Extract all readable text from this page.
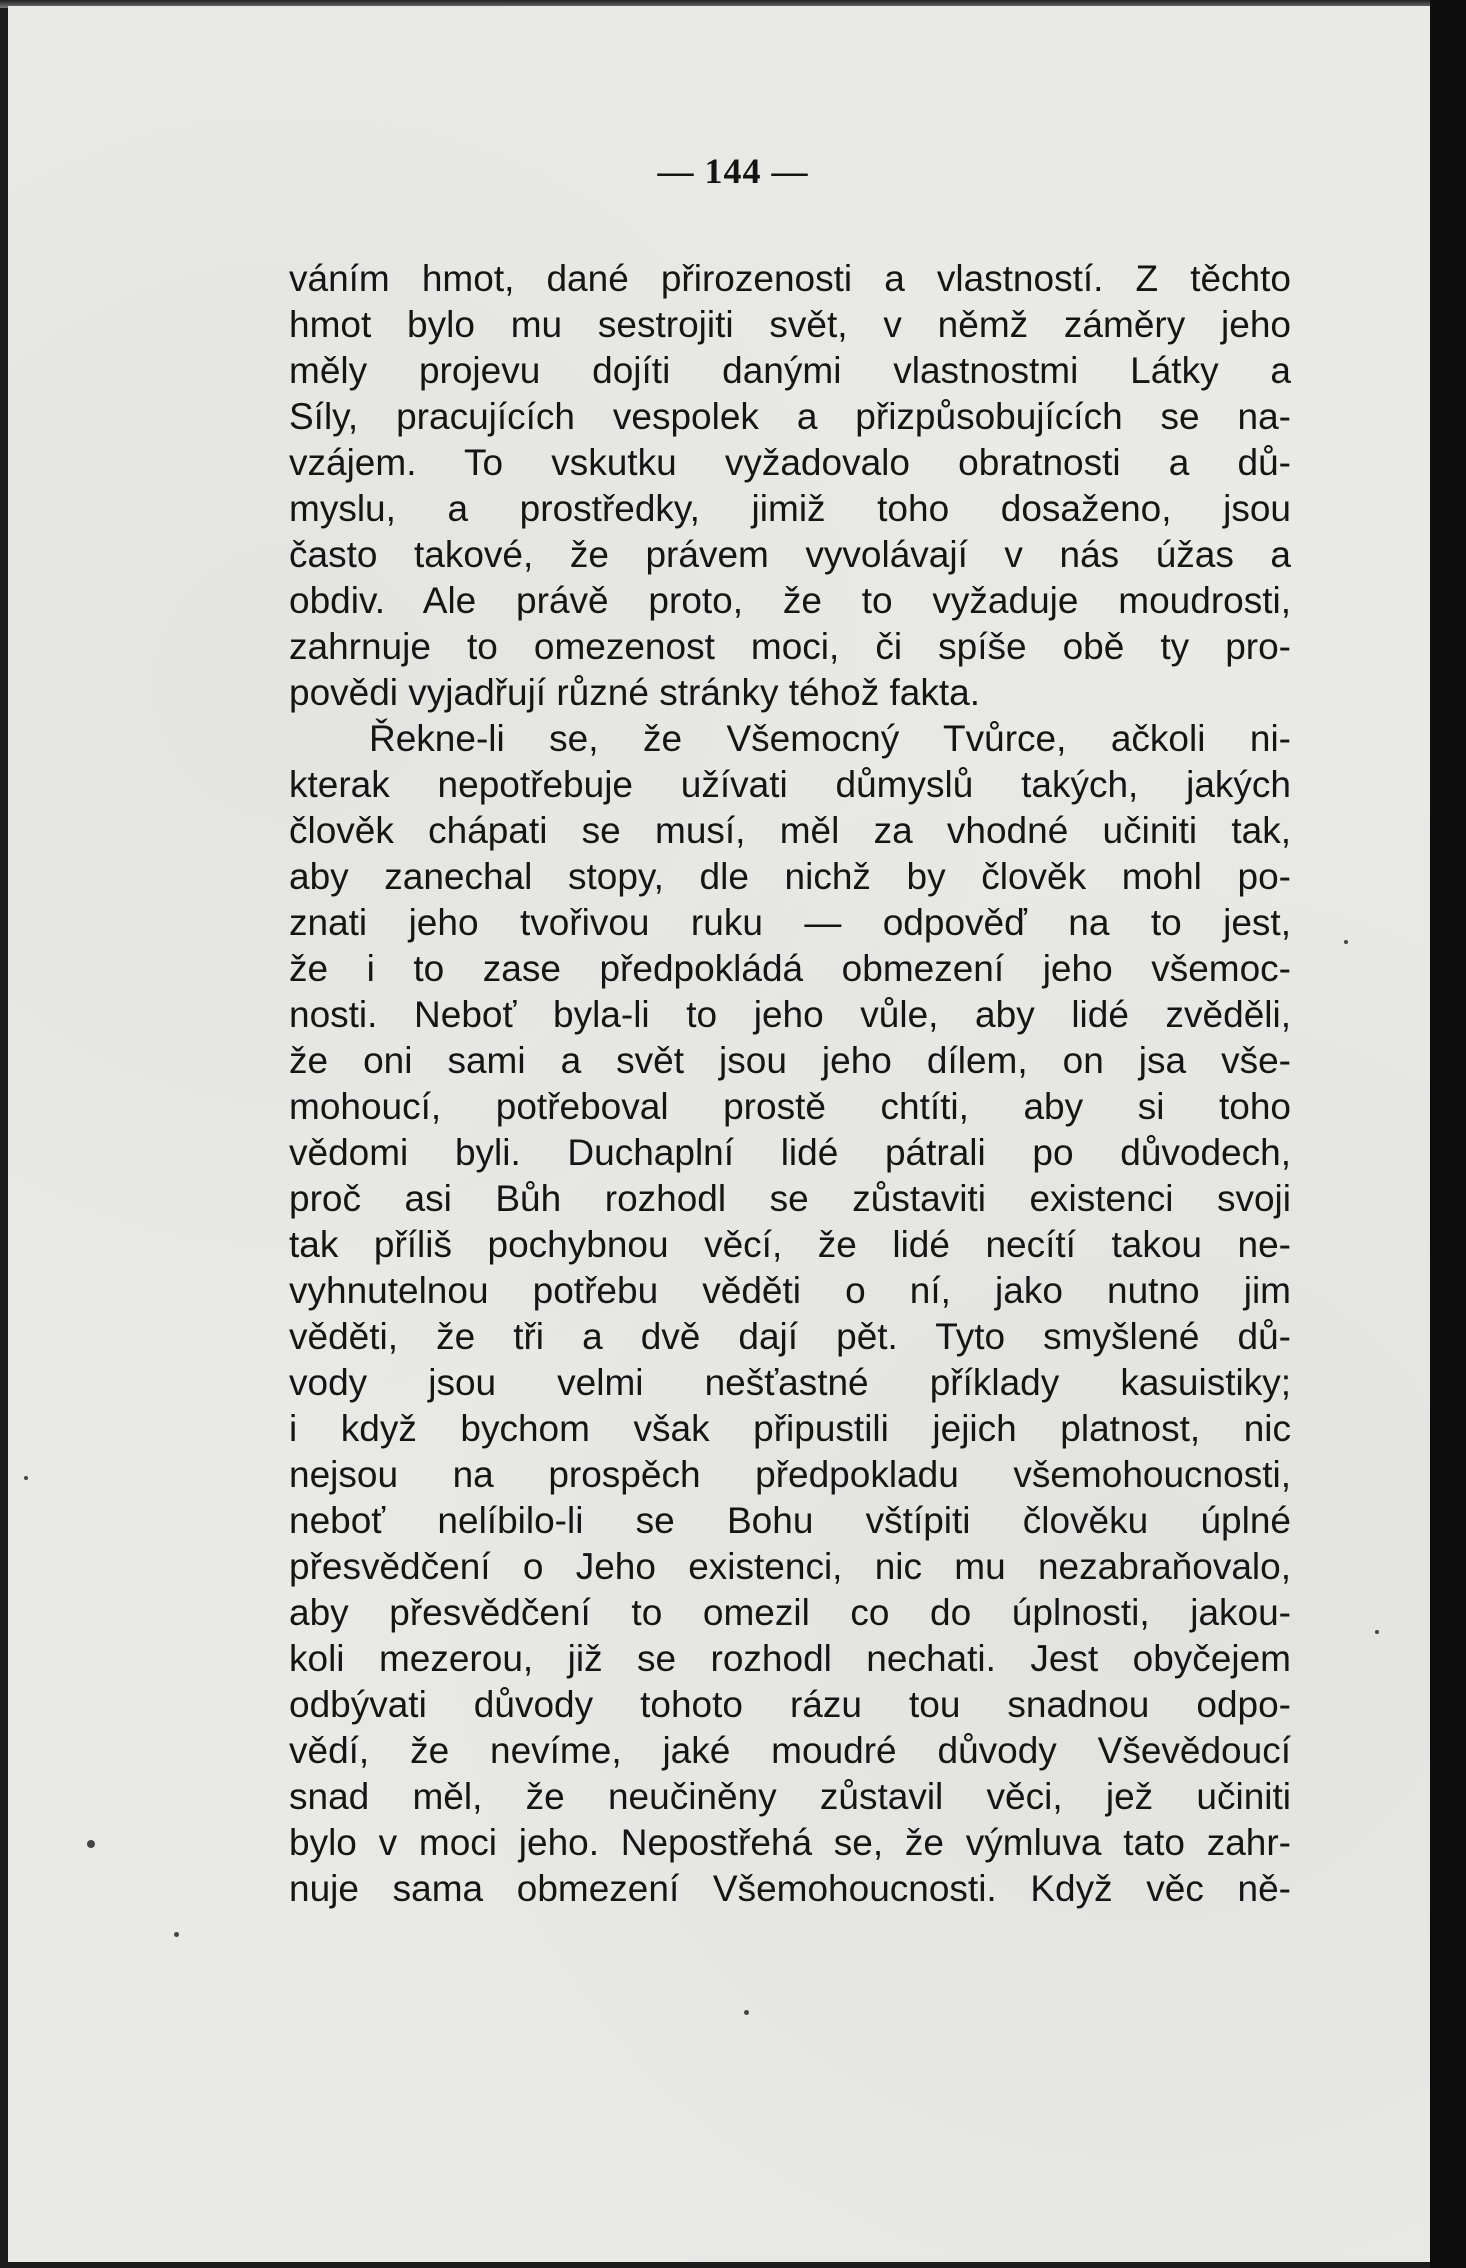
— 144 —
váním hmot, dané přirozenosti a vlastností. Z těchto
hmot bylo mu sestrojiti svět, v němž záměry jeho
měly projevu dojíti danými vlastnostmi Látky a
Síly, pracujících vespolek a přizpůsobujících se na-
vzájem. To vskutku vyžadovalo obratnosti a dů-
myslu, a prostředky, jimiž toho dosaženo, jsou
často takové, že právem vyvolávají v nás úžas a
obdiv. Ale právě proto, že to vyžaduje moudrosti,
zahrnuje to omezenost moci, či spíše obě ty pro-
povědi vyjadřují různé stránky téhož fakta.
Řekne-li se, že Všemocný Tvůrce, ačkoli ni-
kterak nepotřebuje užívati důmyslů takých, jakých
člověk chápati se musí, měl za vhodné učiniti tak,
aby zanechal stopy, dle nichž by člověk mohl po-
znati jeho tvořivou ruku — odpověď na to jest,
že i to zase předpokládá obmezení jeho všemoc-
nosti. Neboť byla-li to jeho vůle, aby lidé zvěděli,
že oni sami a svět jsou jeho dílem, on jsa vše-
mohoucí, potřeboval prostě chtíti, aby si toho
vědomi byli. Duchaplní lidé pátrali po důvodech,
proč asi Bůh rozhodl se zůstaviti existenci svoji
tak příliš pochybnou věcí, že lidé necítí takou ne-
vyhnutelnou potřebu věděti o ní, jako nutno jim
věděti, že tři a dvě dají pět. Tyto smyšlené dů-
vody jsou velmi nešťastné příklady kasuistiky;
i když bychom však připustili jejich platnost, nic
nejsou na prospěch předpokladu všemohoucnosti,
neboť nelíbilo-li se Bohu vštípiti člověku úplné
přesvědčení o Jeho existenci, nic mu nezabraňovalo,
aby přesvědčení to omezil co do úplnosti, jakou-
koli mezerou, již se rozhodl nechati. Jest obyčejem
odbývati důvody tohoto rázu tou snadnou odpo-
vědí, že nevíme, jaké moudré důvody Vševědoucí
snad měl, že neučiněny zůstavil věci, jež učiniti
bylo v moci jeho. Nepostřehá se, že výmluva tato zahr-
nuje sama obmezení Všemohoucnosti. Když věc ně-
